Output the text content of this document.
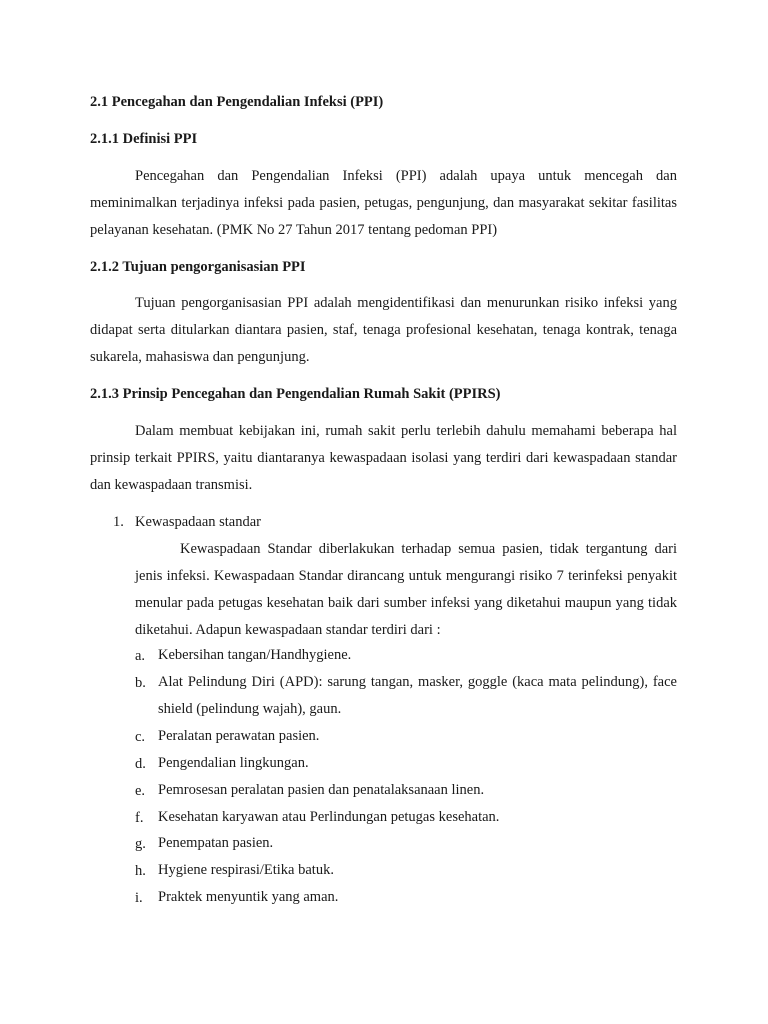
2.1 Pencegahan dan Pengendalian Infeksi (PPI)
2.1.1 Definisi PPI

Pencegahan dan Pengendalian Infeksi (PPI) adalah upaya untuk mencegah dan meminimalkan terjadinya infeksi pada pasien, petugas, pengunjung, dan masyarakat sekitar fasilitas pelayanan kesehatan. (PMK No 27 Tahun 2017 tentang pedoman PPI)

2.1.2 Tujuan pengorganisasian PPI

Tujuan pengorganisasian PPI adalah mengidentifikasi dan menurunkan risiko infeksi yang didapat serta ditularkan diantara pasien, staf, tenaga profesional kesehatan, tenaga kontrak, tenaga sukarela, mahasiswa dan pengunjung.

2.1.3 Prinsip Pencegahan dan Pengendalian Rumah Sakit (PPIRS)

Dalam membuat kebijakan ini, rumah sakit perlu terlebih dahulu memahami beberapa hal prinsip terkait PPIRS, yaitu diantaranya kewaspadaan isolasi yang terdiri dari kewaspadaan standar dan kewaspadaan transmisi.

1. Kewaspadaan standar

Kewaspadaan Standar diberlakukan terhadap semua pasien, tidak tergantung dari jenis infeksi. Kewaspadaan Standar dirancang untuk mengurangi risiko 7 terinfeksi penyakit menular pada petugas kesehatan baik dari sumber infeksi yang diketahui maupun yang tidak diketahui. Adapun kewaspadaan standar terdiri dari :

a. Kebersihan tangan/Handhygiene.

b. Alat Pelindung Diri (APD): sarung tangan, masker, goggle (kaca mata pelindung), face shield (pelindung wajah), gaun.

c. Peralatan perawatan pasien.

d. Pengendalian lingkungan.

e. Pemrosesan peralatan pasien dan penatalaksanaan linen.

f. Kesehatan karyawan atau Perlindungan petugas kesehatan.

g. Penempatan pasien.

h. Hygiene respirasi/Etika batuk.

i. Praktek menyuntik yang aman.
